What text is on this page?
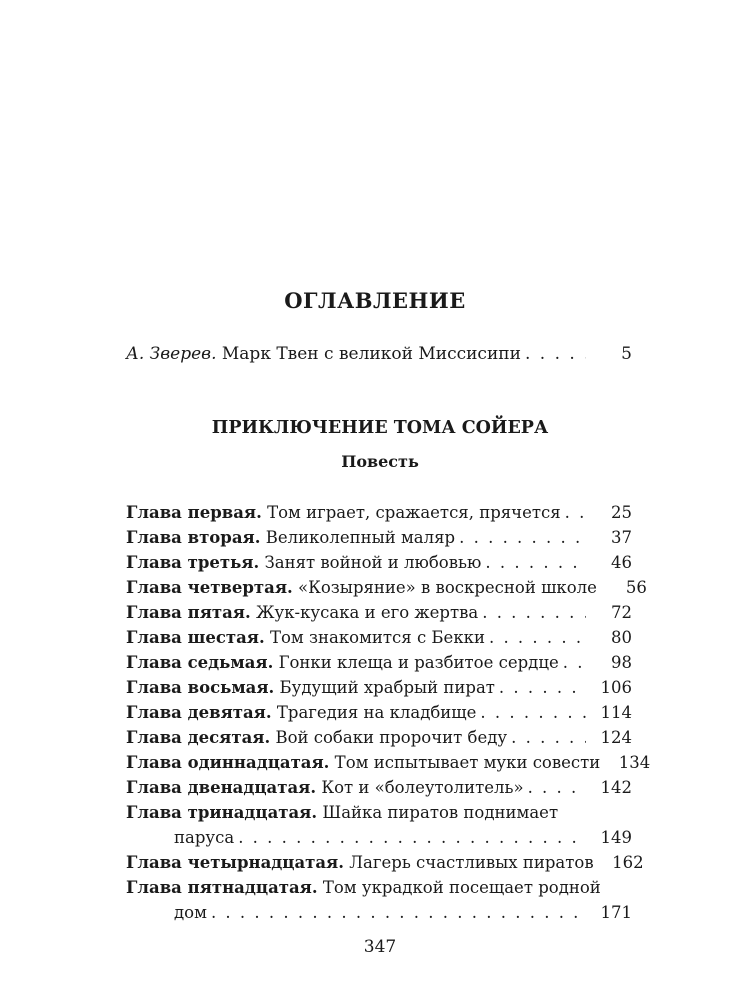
ОГЛАВЛЕНИЕ
А. Зверев. Марк Твен с великой Миссисипи . . .	5
ПРИКЛЮЧЕНИЕ ТОМА СОЙЕРА
Повесть
Глава первая. Том играет, сражается, прячется . . .	25
Глава вторая. Великолепный маляр . . .	37
Глава третья. Занят войной и любовью . . .	46
Глава четвертая. «Козыряние» в воскресной школе	56
Глава пятая. Жук-кусака и его жертва . . .	72
Глава шестая. Том знакомится с Бекки . . .	80
Глава седьмая. Гонки клеща и разбитое сердце . . .	98
Глава восьмая. Будущий храбрый пират . . .	106
Глава девятая. Трагедия на кладбище . . .	114
Глава десятая. Вой собаки пророчит беду . . .	124
Глава одиннадцатая. Том испытывает муки совести	134
Глава двенадцатая. Кот и «болеутолитель» . . .	142
Глава тринадцатая. Шайка пиратов поднимает
паруса . . .	149
Глава четырнадцатая. Лагерь счастливых пиратов	162
Глава пятнадцатая. Том украдкой посещает родной
дом . . .	171
347
